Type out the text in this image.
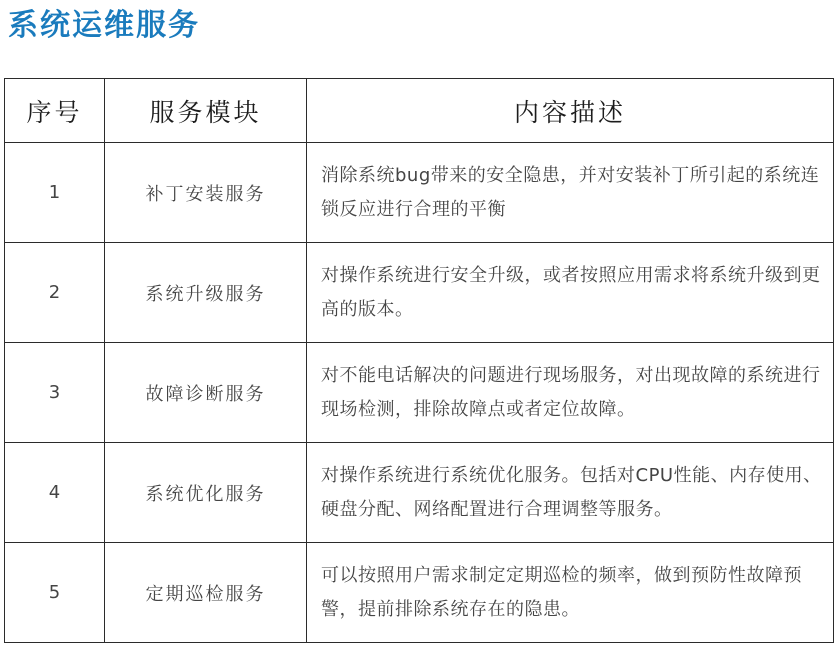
系统运维服务
序号	服务模块	内容描述
1	补丁安装服务	消除系统bug带来的安全隐患，并对安装补丁所引起的系统连锁反应进行合理的平衡
2	系统升级服务	对操作系统进行安全升级，或者按照应用需求将系统升级到更高的版本。
3	故障诊断服务	对不能电话解决的问题进行现场服务，对出现故障的系统进行现场检测，排除故障点或者定位故障。
4	系统优化服务	对操作系统进行系统优化服务。包括对CPU性能、内存使用、硬盘分配、网络配置进行合理调整等服务。
5	定期巡检服务	可以按照用户需求制定定期巡检的频率，做到预防性故障预警，提前排除系统存在的隐患。
